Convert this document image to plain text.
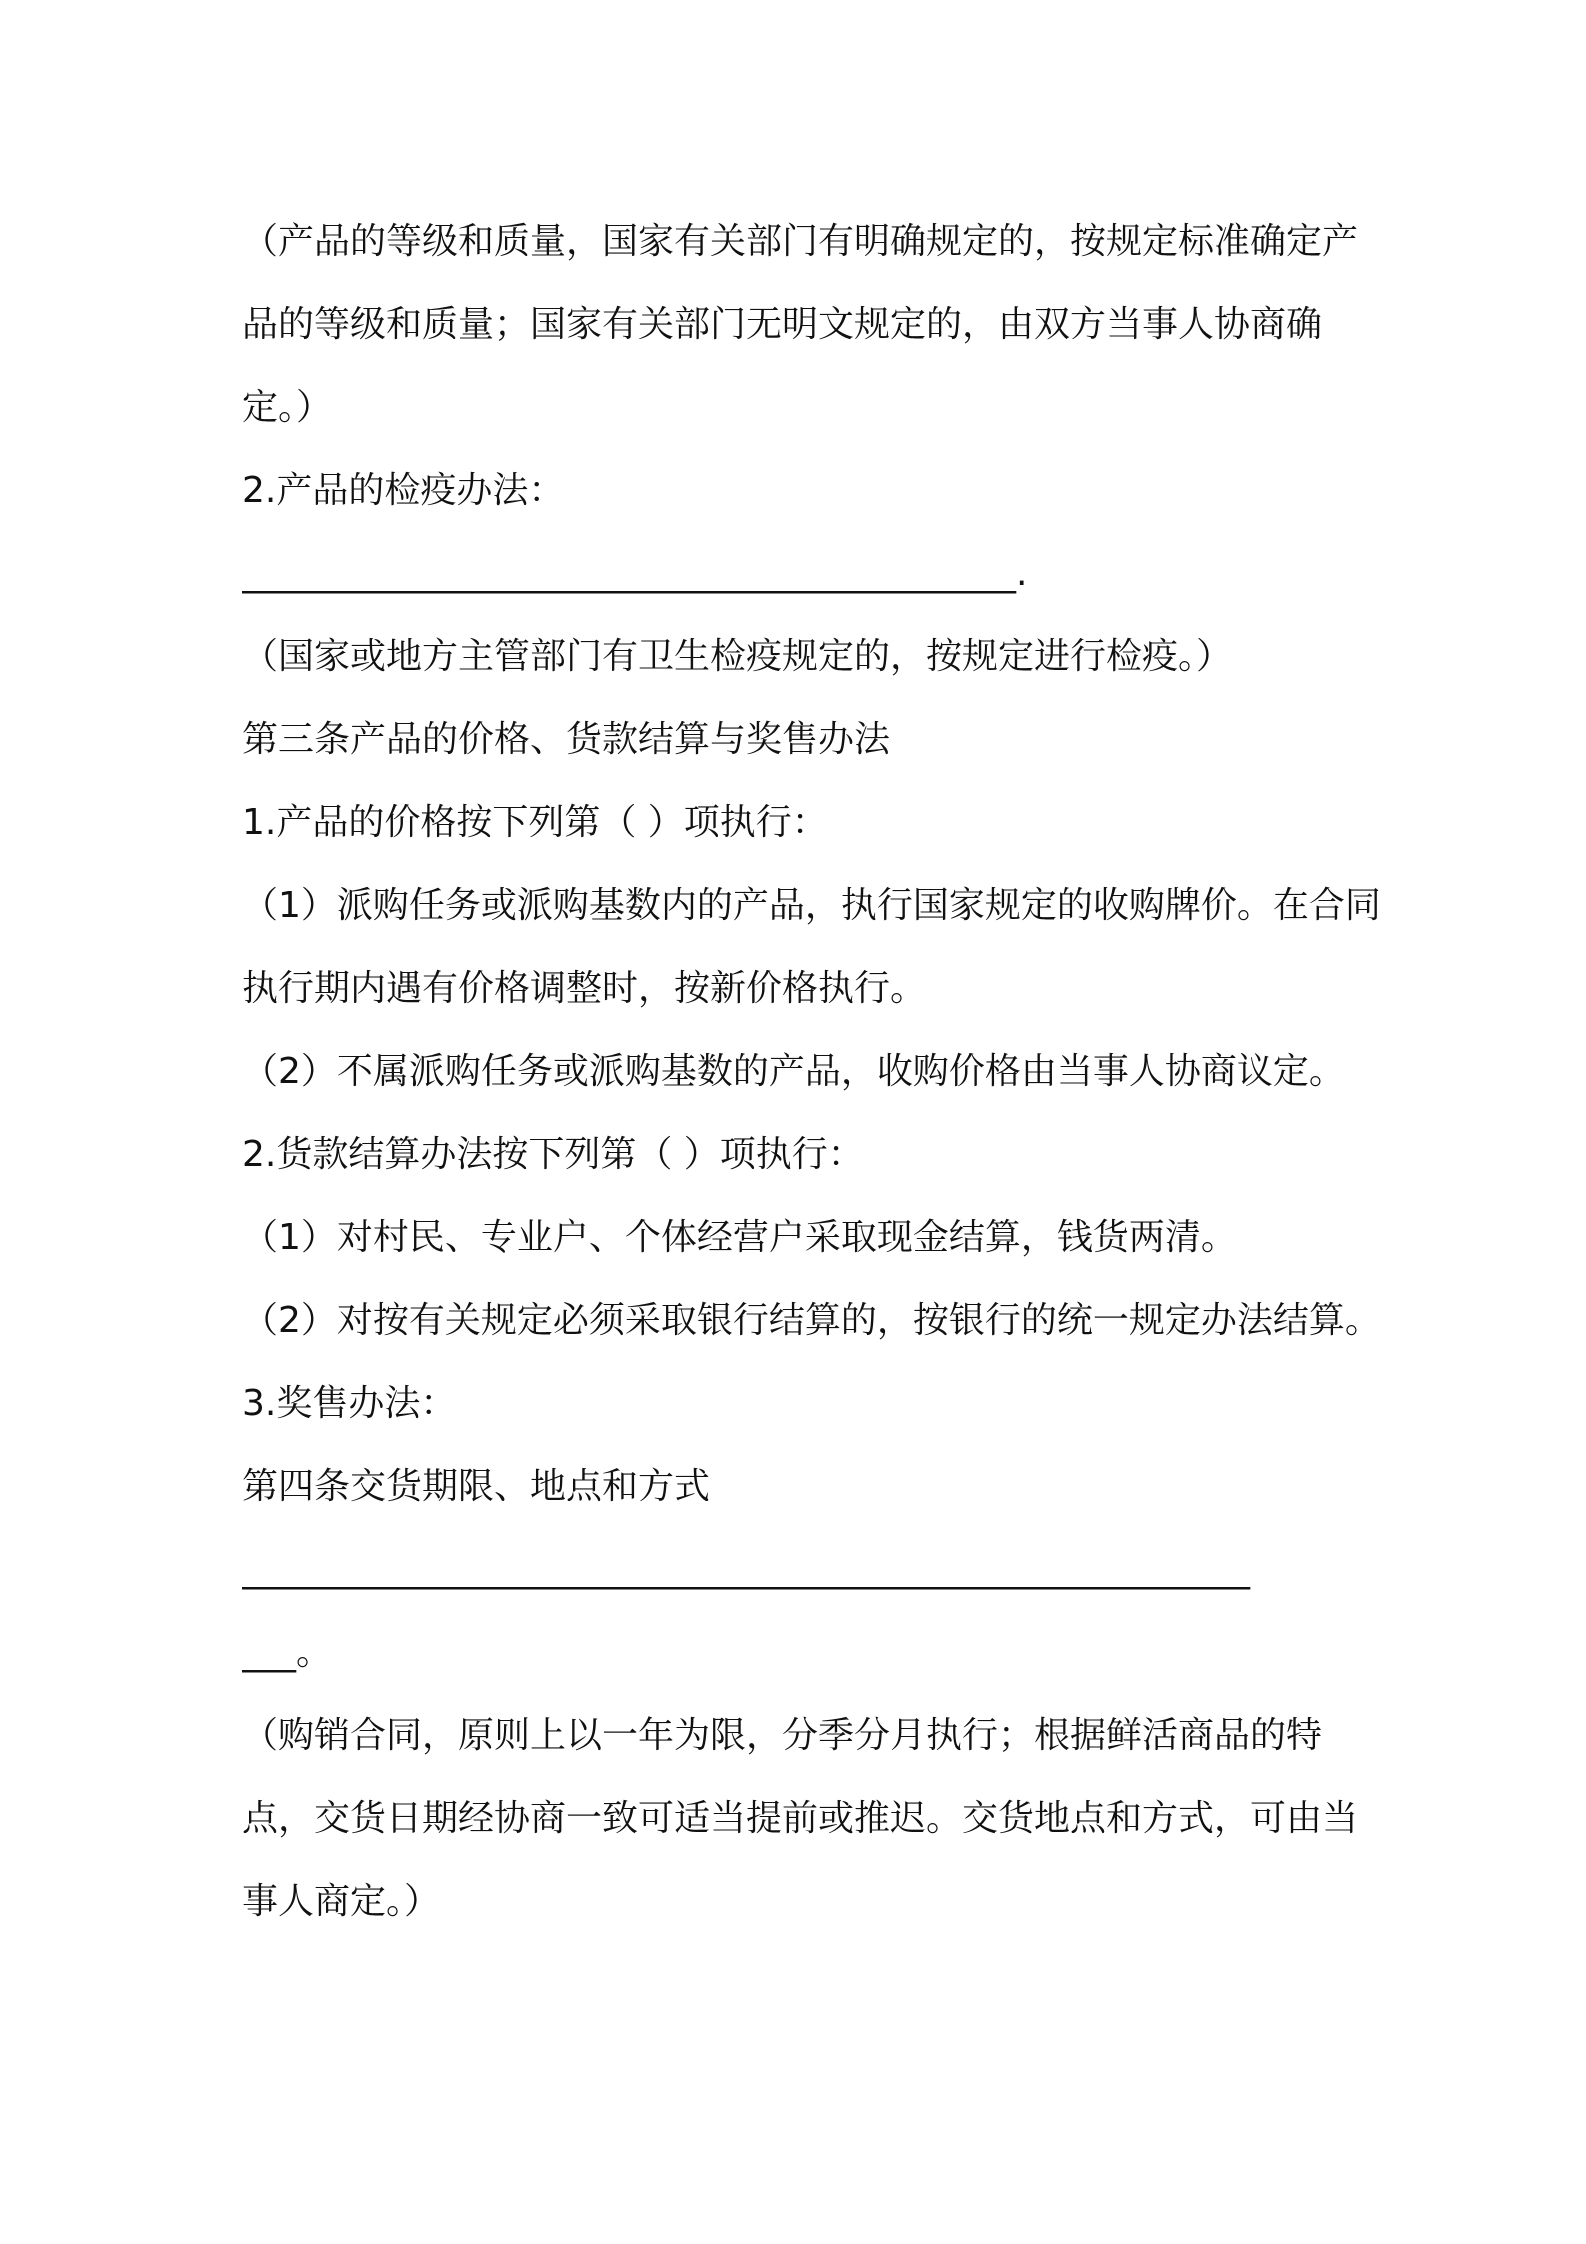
（产品的等级和质量，国家有关部门有明确规定的，按规定标准确定产品的等级和质量；国家有关部门无明文规定的，由双方当事人协商确定。）

2.产品的检疫办法：

___________________________________________.

（国家或地方主管部门有卫生检疫规定的，按规定进行检疫。）

第三条产品的价格、货款结算与奖售办法

1.产品的价格按下列第（ ）项执行：

（1）派购任务或派购基数内的产品，执行国家规定的收购牌价。在合同执行期内遇有价格调整时，按新价格执行。

（2）不属派购任务或派购基数的产品，收购价格由当事人协商议定。

2.货款结算办法按下列第（ ）项执行：

（1）对村民、专业户、个体经营户采取现金结算，钱货两清。

（2）对按有关规定必须采取银行结算的，按银行的统一规定办法结算。

3.奖售办法：

第四条交货期限、地点和方式

________________________________________________________

___。

（购销合同，原则上以一年为限，分季分月执行；根据鲜活商品的特点，交货日期经协商一致可适当提前或推迟。交货地点和方式，可由当事人商定。）
